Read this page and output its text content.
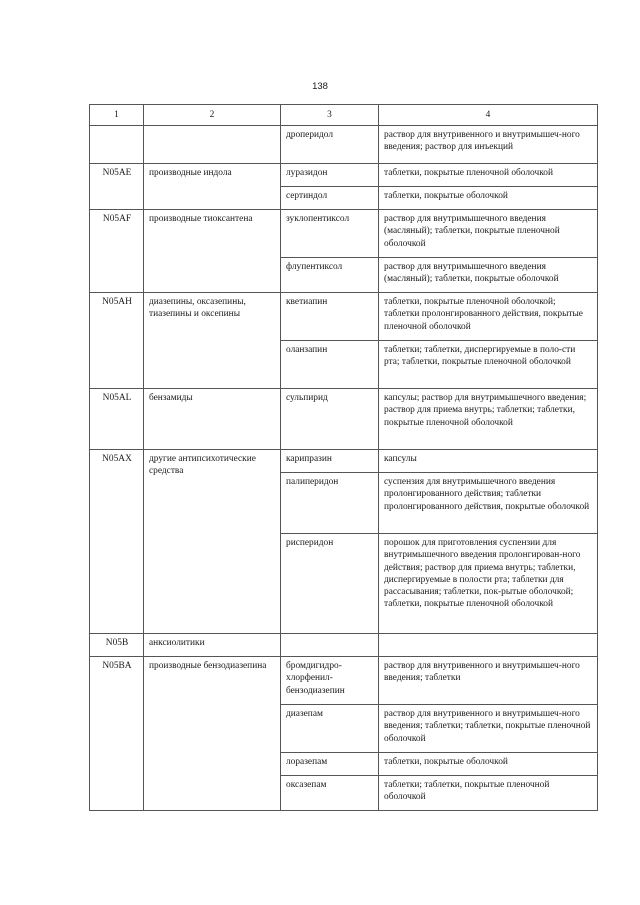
138
1	2	3	4
		дроперидол	раствор для внутривенного и внутримышеч-ного введения; раствор для инъекций
N05AE	производные индола	луразидон	таблетки, покрытые пленочной оболочкой
		сертиндол	таблетки, покрытые оболочкой
N05AF	производные тиоксантена	зуклопентиксол	раствор для внутримышечного введения (масляный); таблетки, покрытые пленочной оболочкой
		флупентиксол	раствор для внутримышечного введения (масляный); таблетки, покрытые оболочкой
N05AH	диазепины, оксазепины, тиазепины и оксепины	кветиапин	таблетки, покрытые пленочной оболочкой; таблетки пролонгированного действия, покрытые пленочной оболочкой
		оланзапин	таблетки; таблетки, диспергируемые в поло-сти рта; таблетки, покрытые пленочной оболочкой
N05AL	бензамиды	сульпирид	капсулы; раствор для внутримышечного введения; раствор для приема внутрь; таблетки; таблетки, покрытые пленочной оболочкой
N05AX	другие антипсихотические средства	карипразин	капсулы
		палиперидон	суспензия для внутримышечного введения пролонгированного действия; таблетки пролонгированного действия, покрытые оболочкой
		рисперидон	порошок для приготовления суспензии для внутримышечного введения пролонгирован-ного действия; раствор для приема внутрь; таблетки, диспергируемые в полости рта; таблетки для рассасывания; таблетки, пок-рытые оболочкой; таблетки, покрытые пленочной оболочкой
N05B	анксиолитики		
N05BA	производные бензодиазепина	бромдигидро-хлорфенил-бензодиазепин	раствор для внутривенного и внутримышеч-ного введения; таблетки
		диазепам	раствор для внутривенного и внутримышеч-ного введения; таблетки; таблетки, покрытые пленочной оболочкой
		лоразепам	таблетки, покрытые оболочкой
		оксазепам	таблетки; таблетки, покрытые пленочной оболочкой
